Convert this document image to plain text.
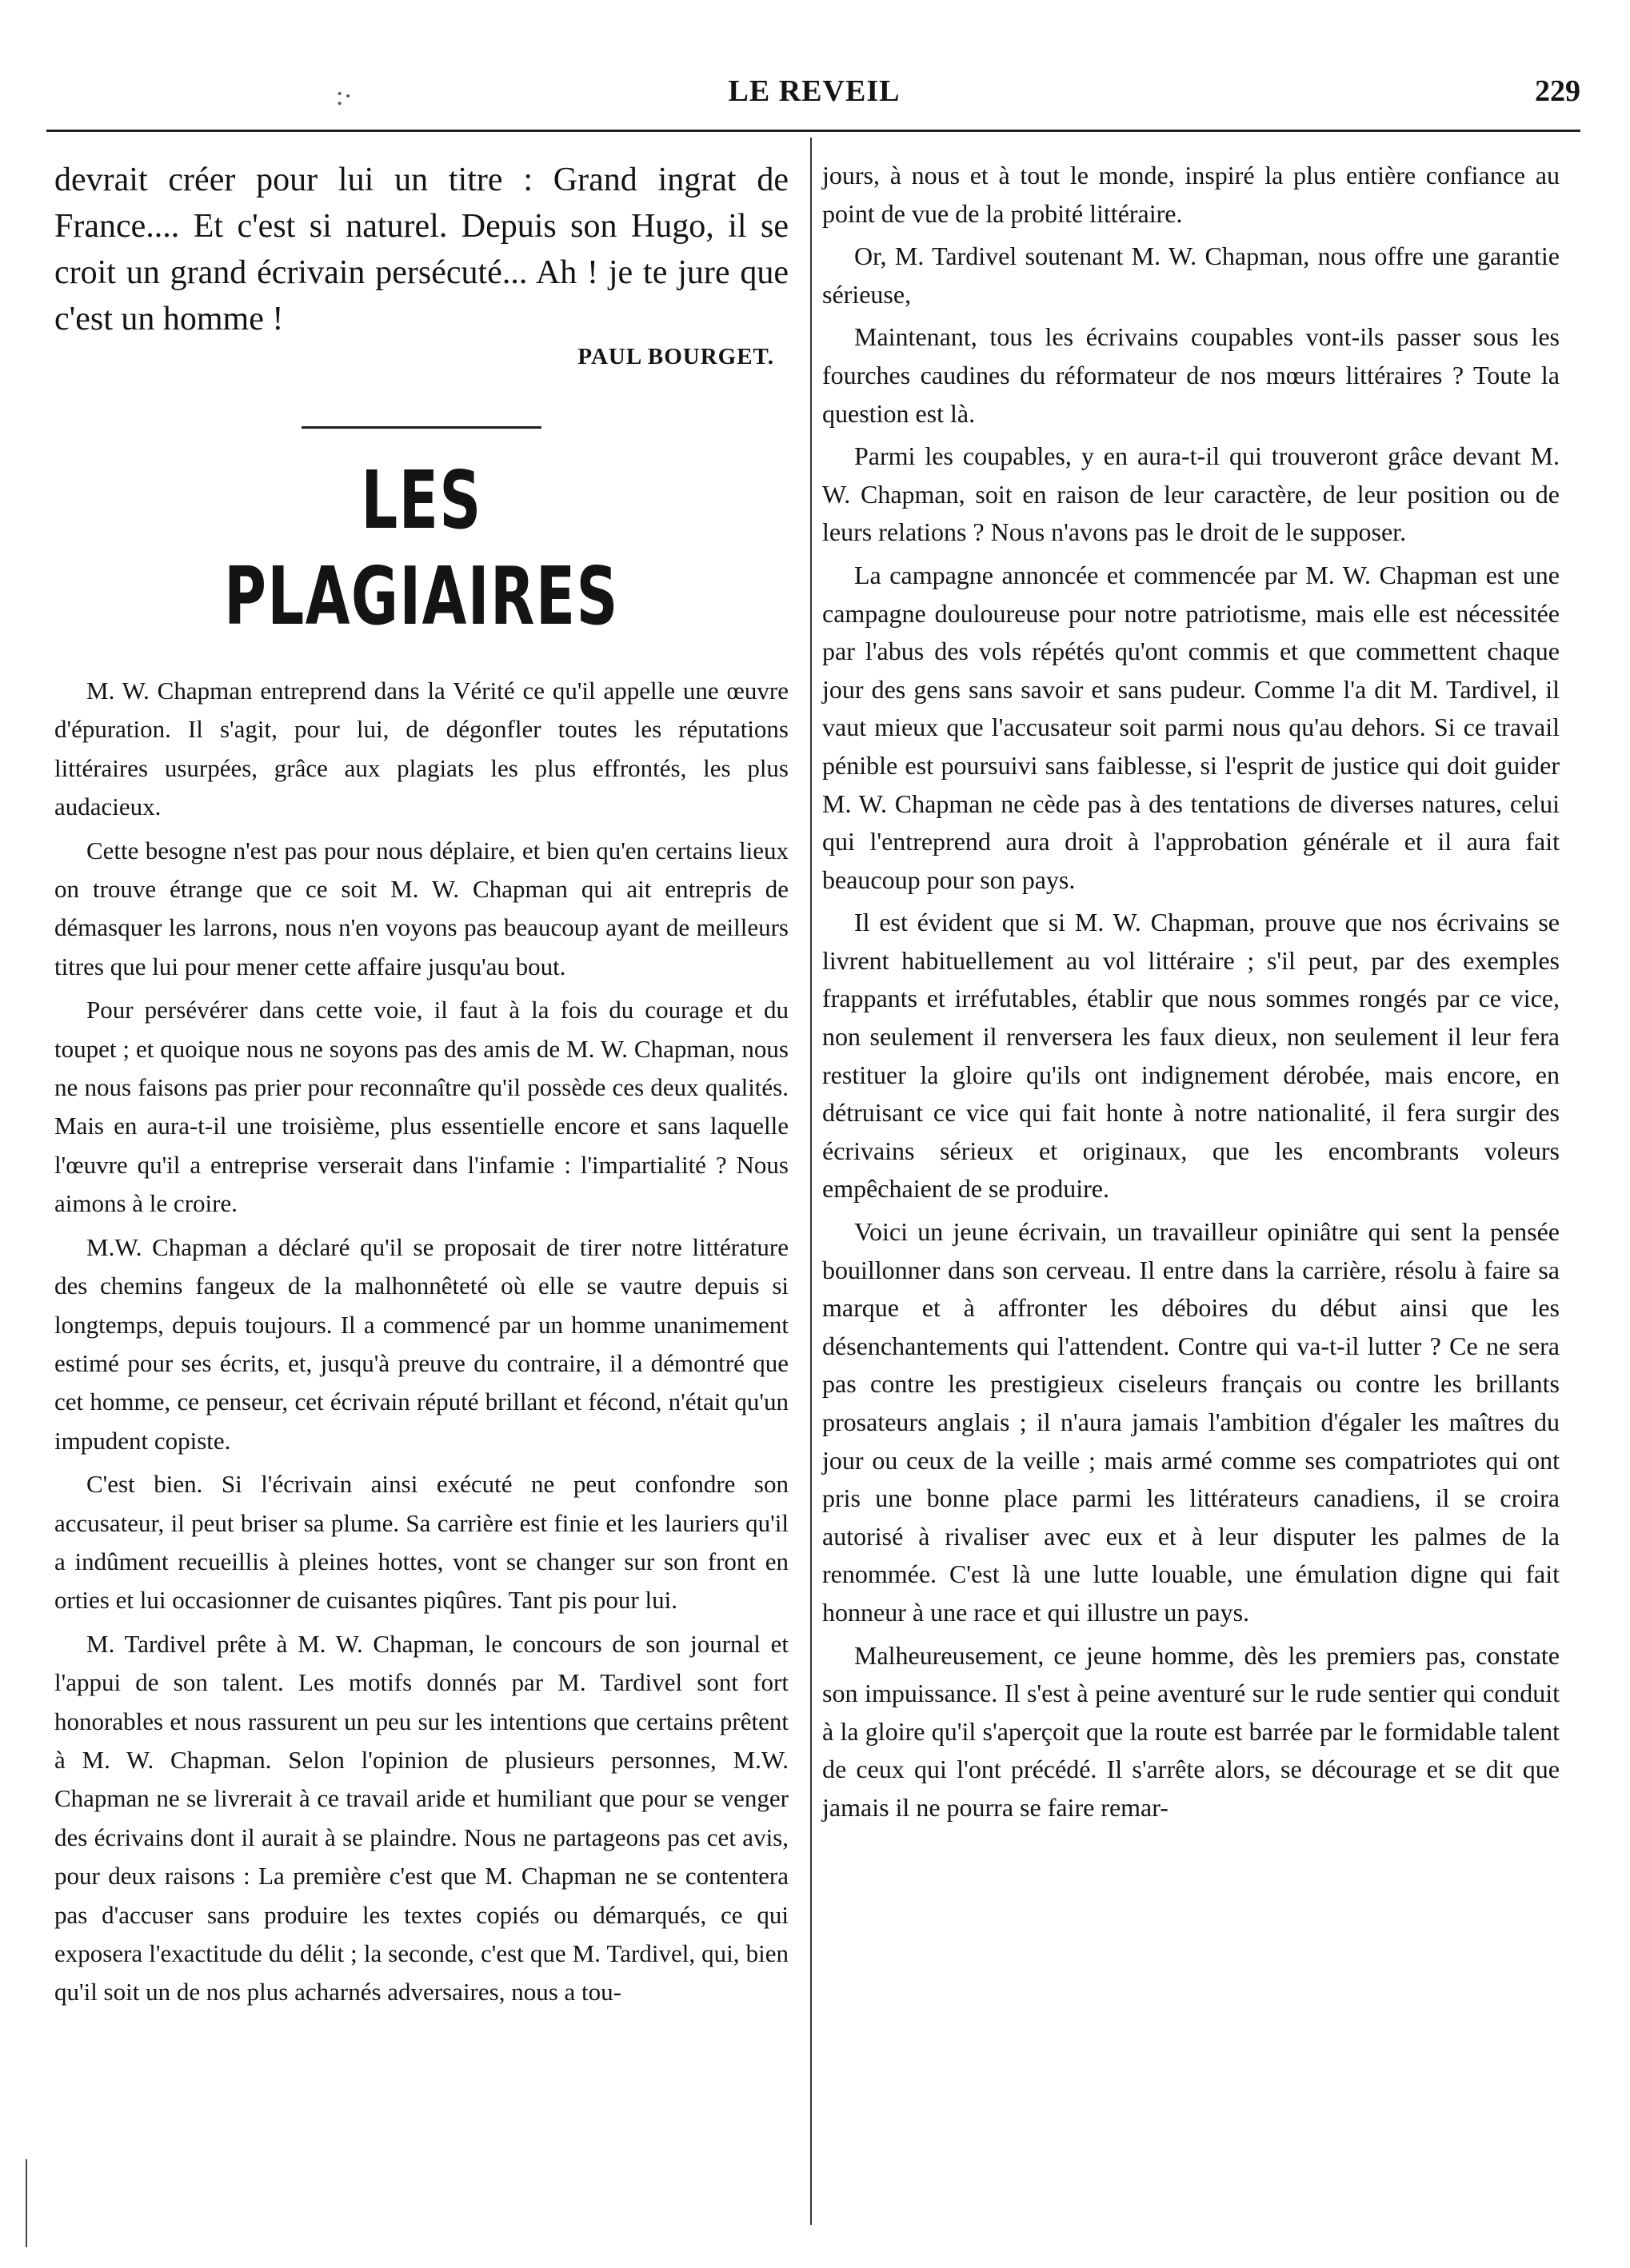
:·	LE REVEIL	229

devrait créer pour lui un titre : Grand ingrat de France.... Et c'est si naturel. Depuis son Hugo, il se croit un grand écrivain persécuté... Ah ! je te jure que c'est un homme !

PAUL BOURGET.
LES PLAGIAIRES

M. W. Chapman entreprend dans la Vérité ce qu'il appelle une œuvre d'épuration. Il s'agit, pour lui, de dégonfler toutes les réputations littéraires usurpées, grâce aux plagiats les plus effrontés, les plus audacieux.

Cette besogne n'est pas pour nous déplaire, et bien qu'en certains lieux on trouve étrange que ce soit M. W. Chapman qui ait entrepris de démasquer les larrons, nous n'en voyons pas beaucoup ayant de meilleurs titres que lui pour mener cette affaire jusqu'au bout.

Pour persévérer dans cette voie, il faut à la fois du courage et du toupet ; et quoique nous ne soyons pas des amis de M. W. Chapman, nous ne nous faisons pas prier pour reconnaître qu'il possède ces deux qualités. Mais en aura-t-il une troisième, plus essentielle encore et sans laquelle l'œuvre qu'il a entreprise verserait dans l'infamie : l'impartialité ? Nous aimons à le croire.

M.W. Chapman a déclaré qu'il se proposait de tirer notre littérature des chemins fangeux de la malhonnêteté où elle se vautre depuis si longtemps, depuis toujours. Il a commencé par un homme unanimement estimé pour ses écrits, et, jusqu'à preuve du contraire, il a démontré que cet homme, ce penseur, cet écrivain réputé brillant et fécond, n'était qu'un impudent copiste.

C'est bien. Si l'écrivain ainsi exécuté ne peut confondre son accusateur, il peut briser sa plume. Sa carrière est finie et les lauriers qu'il a indûment recueillis à pleines hottes, vont se changer sur son front en orties et lui occasionner de cuisantes piqûres. Tant pis pour lui.

M. Tardivel prête à M. W. Chapman, le concours de son journal et l'appui de son talent. Les motifs donnés par M. Tardivel sont fort honorables et nous rassurent un peu sur les intentions que certains prêtent à M. W. Chapman. Selon l'opinion de plusieurs personnes, M.W. Chapman ne se livrerait à ce travail aride et humiliant que pour se venger des écrivains dont il aurait à se plaindre. Nous ne partageons pas cet avis, pour deux raisons : La première c'est que M. Chapman ne se contentera pas d'accuser sans produire les textes copiés ou démarqués, ce qui exposera l'exactitude du délit ; la seconde, c'est que M. Tardivel, qui, bien qu'il soit un de nos plus acharnés adversaires, nous a tou-

jours, à nous et à tout le monde, inspiré la plus entière confiance au point de vue de la probité littéraire.

Or, M. Tardivel soutenant M. W. Chapman, nous offre une garantie sérieuse,

Maintenant, tous les écrivains coupables vont-ils passer sous les fourches caudines du réformateur de nos mœurs littéraires ? Toute la question est là.

Parmi les coupables, y en aura-t-il qui trouveront grâce devant M. W. Chapman, soit en raison de leur caractère, de leur position ou de leurs relations ? Nous n'avons pas le droit de le supposer.

La campagne annoncée et commencée par M. W. Chapman est une campagne douloureuse pour notre patriotisme, mais elle est nécessitée par l'abus des vols répétés qu'ont commis et que commettent chaque jour des gens sans savoir et sans pudeur. Comme l'a dit M. Tardivel, il vaut mieux que l'accusateur soit parmi nous qu'au dehors. Si ce travail pénible est poursuivi sans faiblesse, si l'esprit de justice qui doit guider M. W. Chapman ne cède pas à des tentations de diverses natures, celui qui l'entreprend aura droit à l'approbation générale et il aura fait beaucoup pour son pays.

Il est évident que si M. W. Chapman, prouve que nos écrivains se livrent habituellement au vol littéraire ; s'il peut, par des exemples frappants et irréfutables, établir que nous sommes rongés par ce vice, non seulement il renversera les faux dieux, non seulement il leur fera restituer la gloire qu'ils ont indignement dérobée, mais encore, en détruisant ce vice qui fait honte à notre nationalité, il fera surgir des écrivains sérieux et originaux, que les encombrants voleurs empêchaient de se produire.

Voici un jeune écrivain, un travailleur opiniâtre qui sent la pensée bouillonner dans son cerveau. Il entre dans la carrière, résolu à faire sa marque et à affronter les déboires du début ainsi que les désenchantements qui l'attendent. Contre qui va-t-il lutter ? Ce ne sera pas contre les prestigieux ciseleurs français ou contre les brillants prosateurs anglais ; il n'aura jamais l'ambition d'égaler les maîtres du jour ou ceux de la veille ; mais armé comme ses compatriotes qui ont pris une bonne place parmi les littérateurs canadiens, il se croira autorisé à rivaliser avec eux et à leur disputer les palmes de la renommée. C'est là une lutte louable, une émulation digne qui fait honneur à une race et qui illustre un pays.

Malheureusement, ce jeune homme, dès les premiers pas, constate son impuissance. Il s'est à peine aventuré sur le rude sentier qui conduit à la gloire qu'il s'aperçoit que la route est barrée par le formidable talent de ceux qui l'ont précédé. Il s'arrête alors, se décourage et se dit que jamais il ne pourra se faire remar-
